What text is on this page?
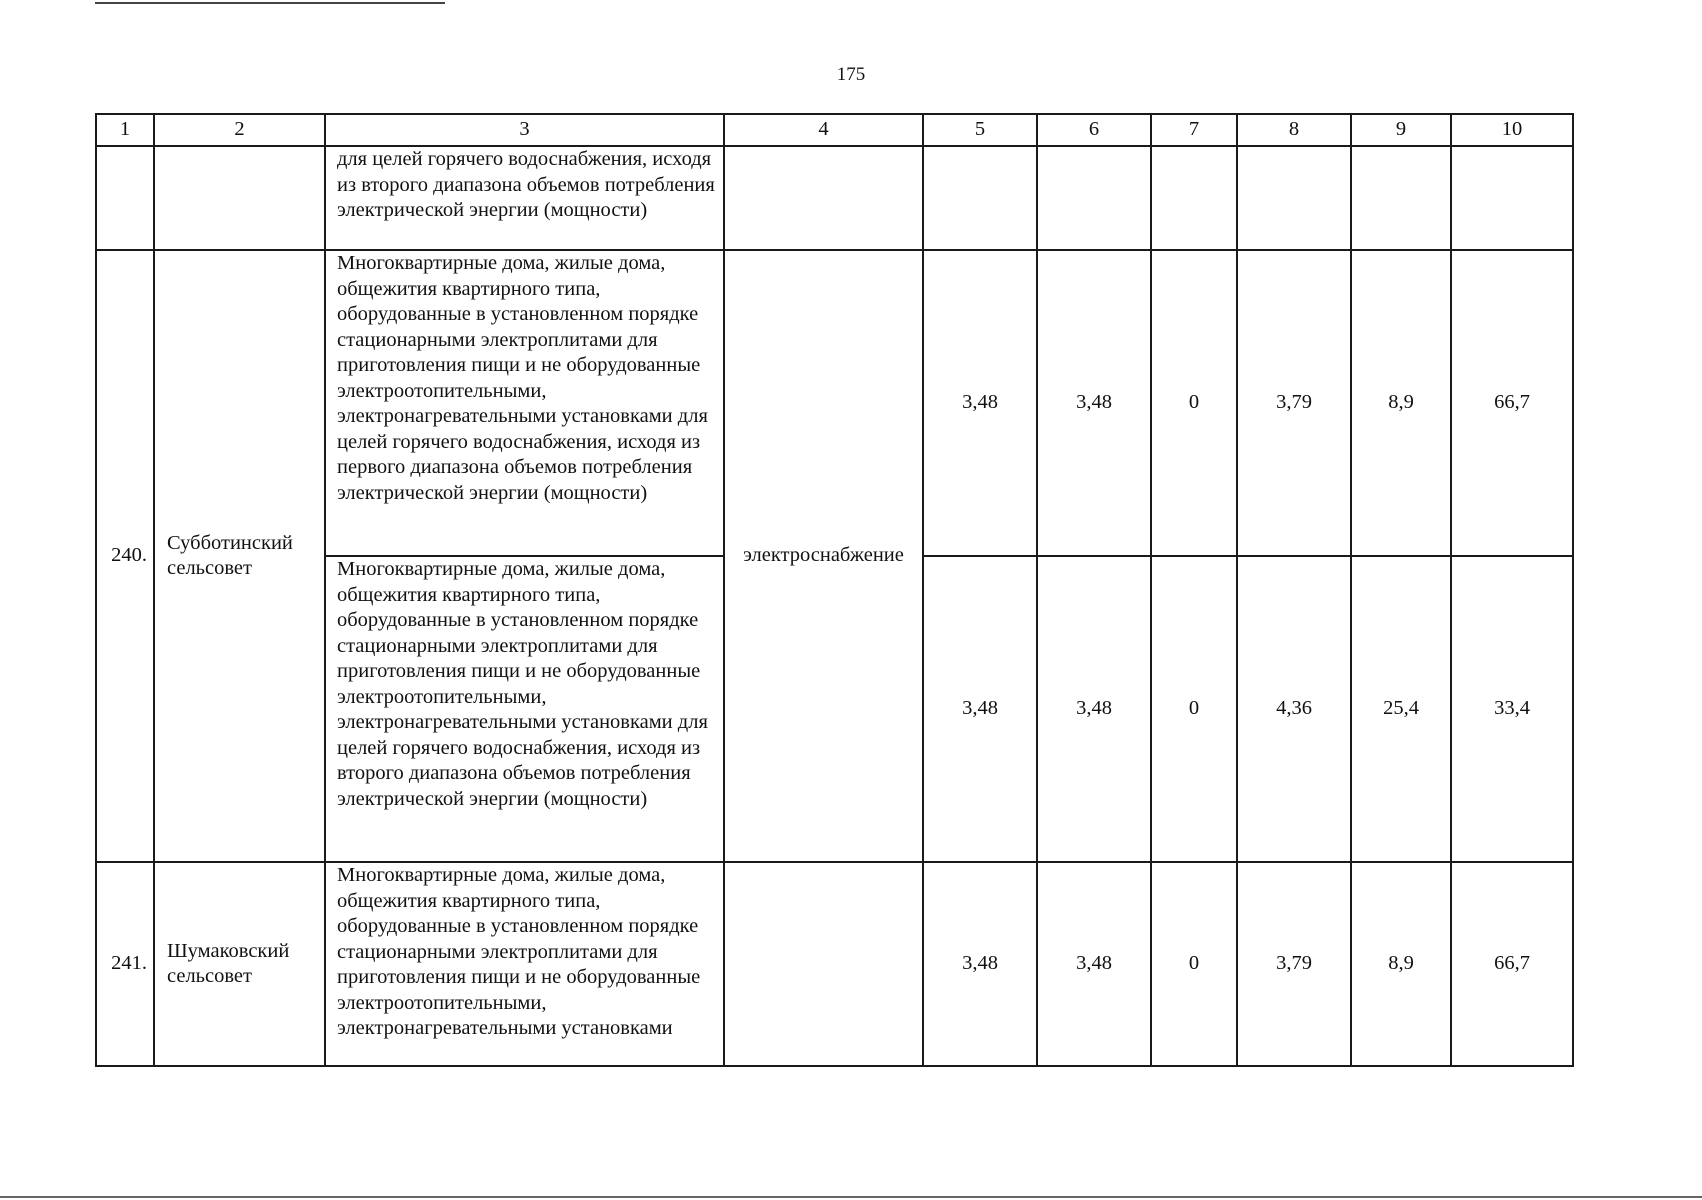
175
1	2	3	4	5	6	7	8	9	10
		для целей горячего водоснабжения, исходя из второго диапазона объемов потребления электрической энергии (мощности)							
240.	Субботинский сельсовет	Многоквартирные дома, жилые дома, общежития квартирного типа, оборудованные в установленном порядке стационарными электроплитами для приготовления пищи и не оборудованные электроотопительными, электронагревательными установками для целей горячего водоснабжения, исходя из первого диапазона объемов потребления электрической энергии (мощности)	электроснабжение	3,48	3,48	0	3,79	8,9	66,7
		Многоквартирные дома, жилые дома, общежития квартирного типа, оборудованные в установленном порядке стационарными электроплитами для приготовления пищи и не оборудованные электроотопительными, электронагревательными установками для целей горячего водоснабжения, исходя из второго диапазона объемов потребления электрической энергии (мощности)		3,48	3,48	0	4,36	25,4	33,4
241.	Шумаковский сельсовет	Многоквартирные дома, жилые дома, общежития квартирного типа, оборудованные в установленном порядке стационарными электроплитами для приготовления пищи и не оборудованные электроотопительными, электронагревательными установками		3,48	3,48	0	3,79	8,9	66,7
